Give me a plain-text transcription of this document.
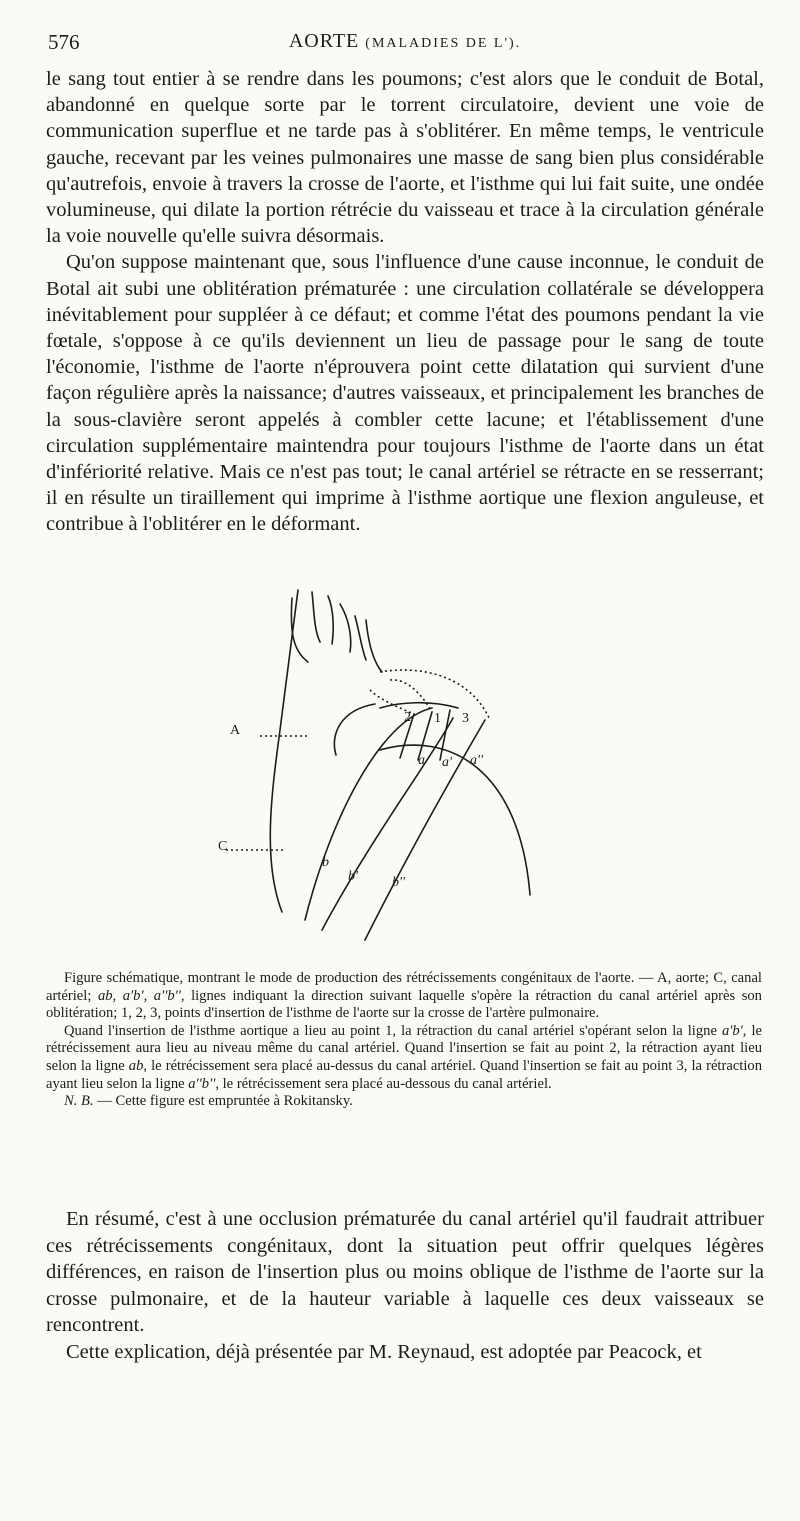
576	AORTE (MALADIES DE L').

le sang tout entier à se rendre dans les poumons; c'est alors que le conduit de Botal, abandonné en quelque sorte par le torrent circulatoire, devient une voie de communication superflue et ne tarde pas à s'oblitérer. En même temps, le ventricule gauche, recevant par les veines pulmonaires une masse de sang bien plus considérable qu'autrefois, envoie à travers la crosse de l'aorte, et l'isthme qui lui fait suite, une ondée volumineuse, qui dilate la portion rétrécie du vaisseau et trace à la circulation générale la voie nouvelle qu'elle suivra désormais.

Qu'on suppose maintenant que, sous l'influence d'une cause inconnue, le conduit de Botal ait subi une oblitération prématurée : une circulation collatérale se développera inévitablement pour suppléer à ce défaut; et comme l'état des poumons pendant la vie fœtale, s'oppose à ce qu'ils deviennent un lieu de passage pour le sang de toute l'économie, l'isthme de l'aorte n'éprouvera point cette dilatation qui survient d'une façon régulière après la naissance; d'autres vaisseaux, et principalement les branches de la sous-clavière seront appelés à combler cette lacune; et l'établissement d'une circulation supplémentaire maintendra pour toujours l'isthme de l'aorte dans un état d'infériorité relative. Mais ce n'est pas tout; le canal artériel se rétracte en se resserrant; il en résulte un tiraillement qui imprime à l'isthme aortique une flexion anguleuse, et contribue à l'oblitérer en le déformant.

A
C
2 1 3
a a' a''
b
b' b''

Figure schématique, montrant le mode de production des rétrécissements congénitaux de l'aorte. — A, aorte; C, canal artériel; ab, a'b', a''b'', lignes indiquant la direction suivant laquelle s'opère la rétraction du canal artériel après son oblitération; 1, 2, 3, points d'insertion de l'isthme de l'aorte sur la crosse de l'artère pulmonaire.

Quand l'insertion de l'isthme aortique a lieu au point 1, la rétraction du canal artériel s'opérant selon la ligne a'b', le rétrécissement aura lieu au niveau même du canal artériel. Quand l'insertion se fait au point 2, la rétraction ayant lieu selon la ligne ab, le rétrécissement sera placé au-dessus du canal artériel. Quand l'insertion se fait au point 3, la rétraction ayant lieu selon la ligne a''b'', le rétrécissement sera placé au-dessous du canal artériel.

N. B. — Cette figure est empruntée à Rokitansky.

En résumé, c'est à une occlusion prématurée du canal artériel qu'il faudrait attribuer ces rétrécissements congénitaux, dont la situation peut offrir quelques légères différences, en raison de l'insertion plus ou moins oblique de l'isthme de l'aorte sur la crosse pulmonaire, et de la hauteur variable à laquelle ces deux vaisseaux se rencontrent.

Cette explication, déjà présentée par M. Reynaud, est adoptée par Peacock, et
